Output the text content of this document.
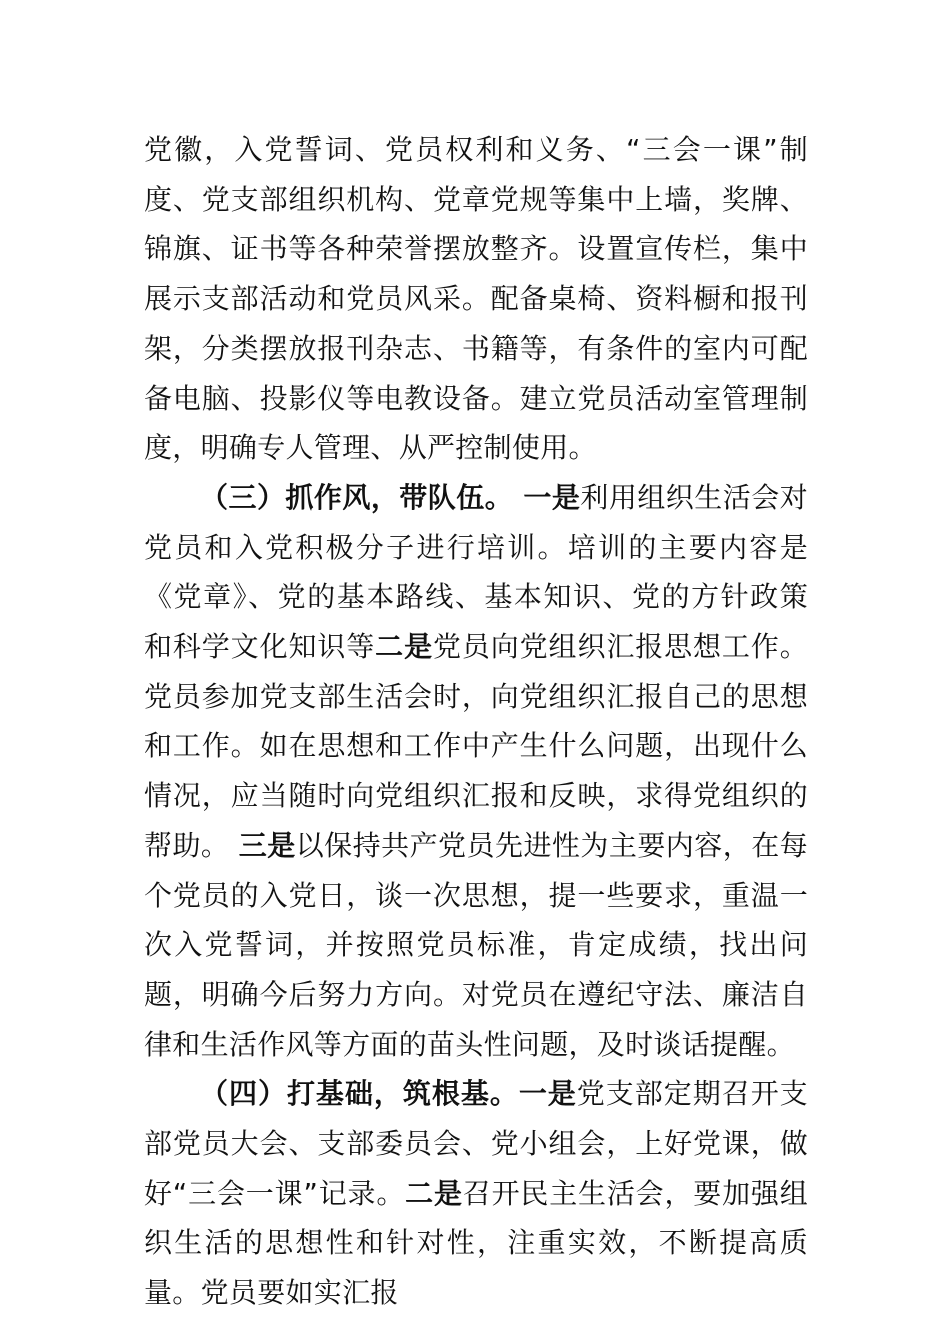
党徽，入党誓词、党员权利和义务、“三会一课”制度、党支部组织机构、党章党规等集中上墙，奖牌、锦旗、证书等各种荣誉摆放整齐。设置宣传栏，集中展示支部活动和党员风采。配备桌椅、资料橱和报刊架，分类摆放报刊杂志、书籍等，有条件的室内可配备电脑、投影仪等电教设备。建立党员活动室管理制度，明确专人管理、从严控制使用。

（三）抓作风，带队伍。 一是利用组织生活会对党员和入党积极分子进行培训。培训的主要内容是《党章》、党的基本路线、基本知识、党的方针政策和科学文化知识等二是党员向党组织汇报思想工作。党员参加党支部生活会时，向党组织汇报自己的思想和工作。如在思想和工作中产生什么问题，出现什么情况，应当随时向党组织汇报和反映，求得党组织的帮助。 三是以保持共产党员先进性为主要内容，在每个党员的入党日，谈一次思想，提一些要求，重温一次入党誓词，并按照党员标准，肯定成绩，找出问题，明确今后努力方向。对党员在遵纪守法、廉洁自律和生活作风等方面的苗头性问题，及时谈话提醒。

（四）打基础，筑根基。一是党支部定期召开支部党员大会、支部委员会、党小组会，上好党课，做好“三会一课”记录。二是召开民主生活会，要加强组织生活的思想性和针对性，注重实效，不断提高质量。党员要如实汇报
